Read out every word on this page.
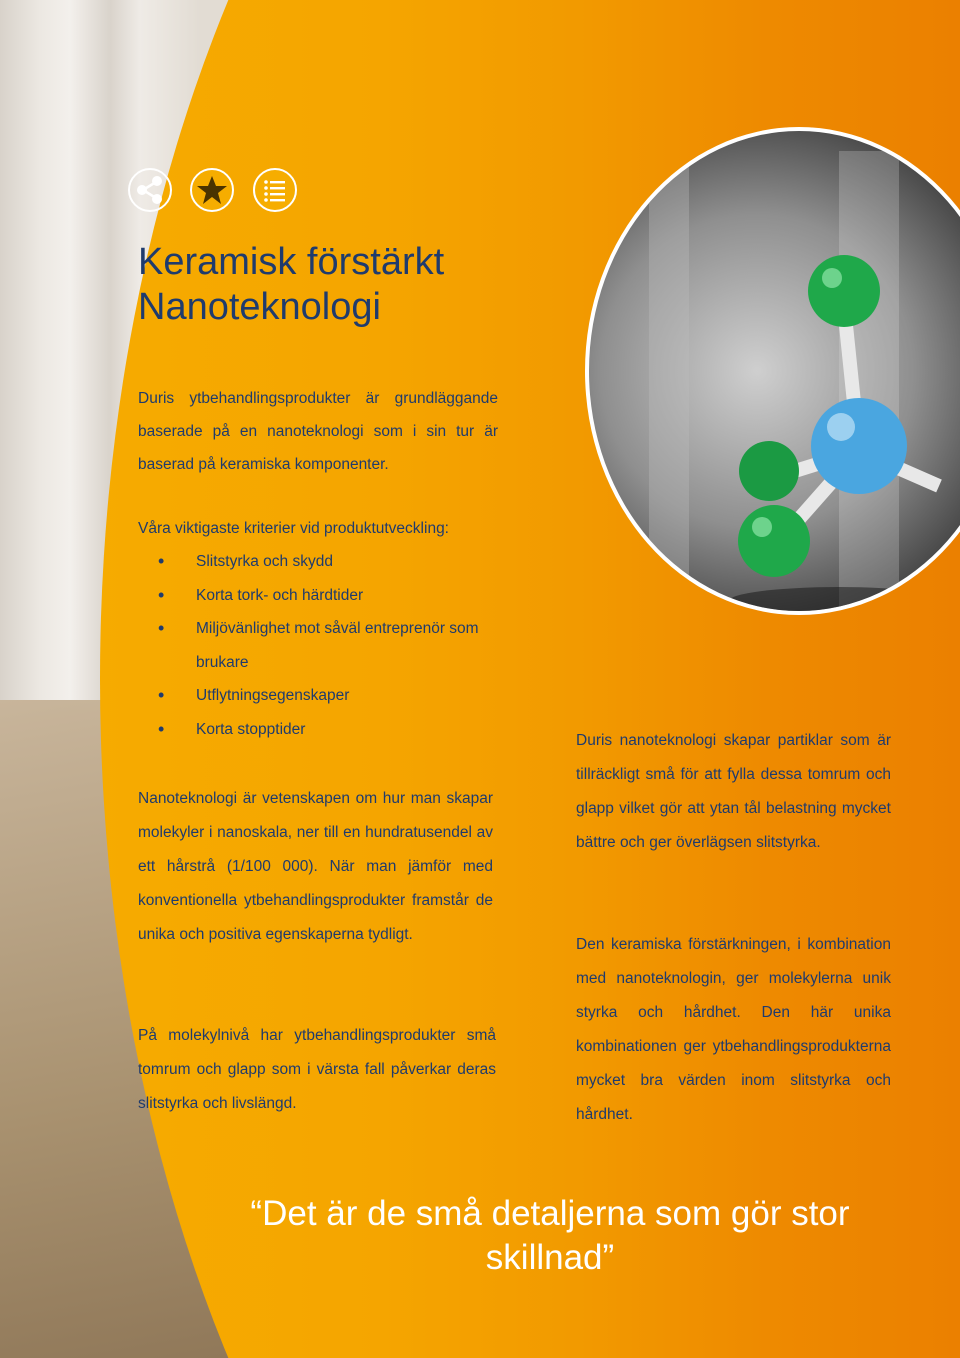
Keramisk förstärkt Nanoteknologi

Duris ytbehandlingsprodukter är grundläggande baserade på en nanoteknologi som i sin tur är baserad på keramiska komponenter.

Våra viktigaste kriterier vid produktutveckling:

• Slitstyrka och skydd
• Korta tork- och härdtider
• Miljövänlighet mot såväl entreprenör som brukare
• Utflytningsegenskaper
• Korta stopptider

Nanoteknologi är vetenskapen om hur man skapar molekyler i nanoskala, ner till en hundratusendel av ett hårstrå (1/100 000). När man jämför med konventionella ytbehandlingsprodukter framstår de unika och positiva egenskaperna tydligt.

På molekylnivå har ytbehandlingsprodukter små tomrum och glapp som i värsta fall påverkar deras slitstyrka och livslängd.

Duris nanoteknologi skapar partiklar som är tillräckligt små för att fylla dessa tomrum och glapp vilket gör att ytan tål belastning mycket bättre och ger överlägsen slitstyrka.

Den keramiska förstärkningen, i kombination med nanoteknologin, ger molekylerna unik styrka och hårdhet. Den här unika kombinationen ger ytbehandlingsprodukterna mycket bra värden inom slitstyrka och hårdhet.

“Det är de små detaljerna som gör stor skillnad”
